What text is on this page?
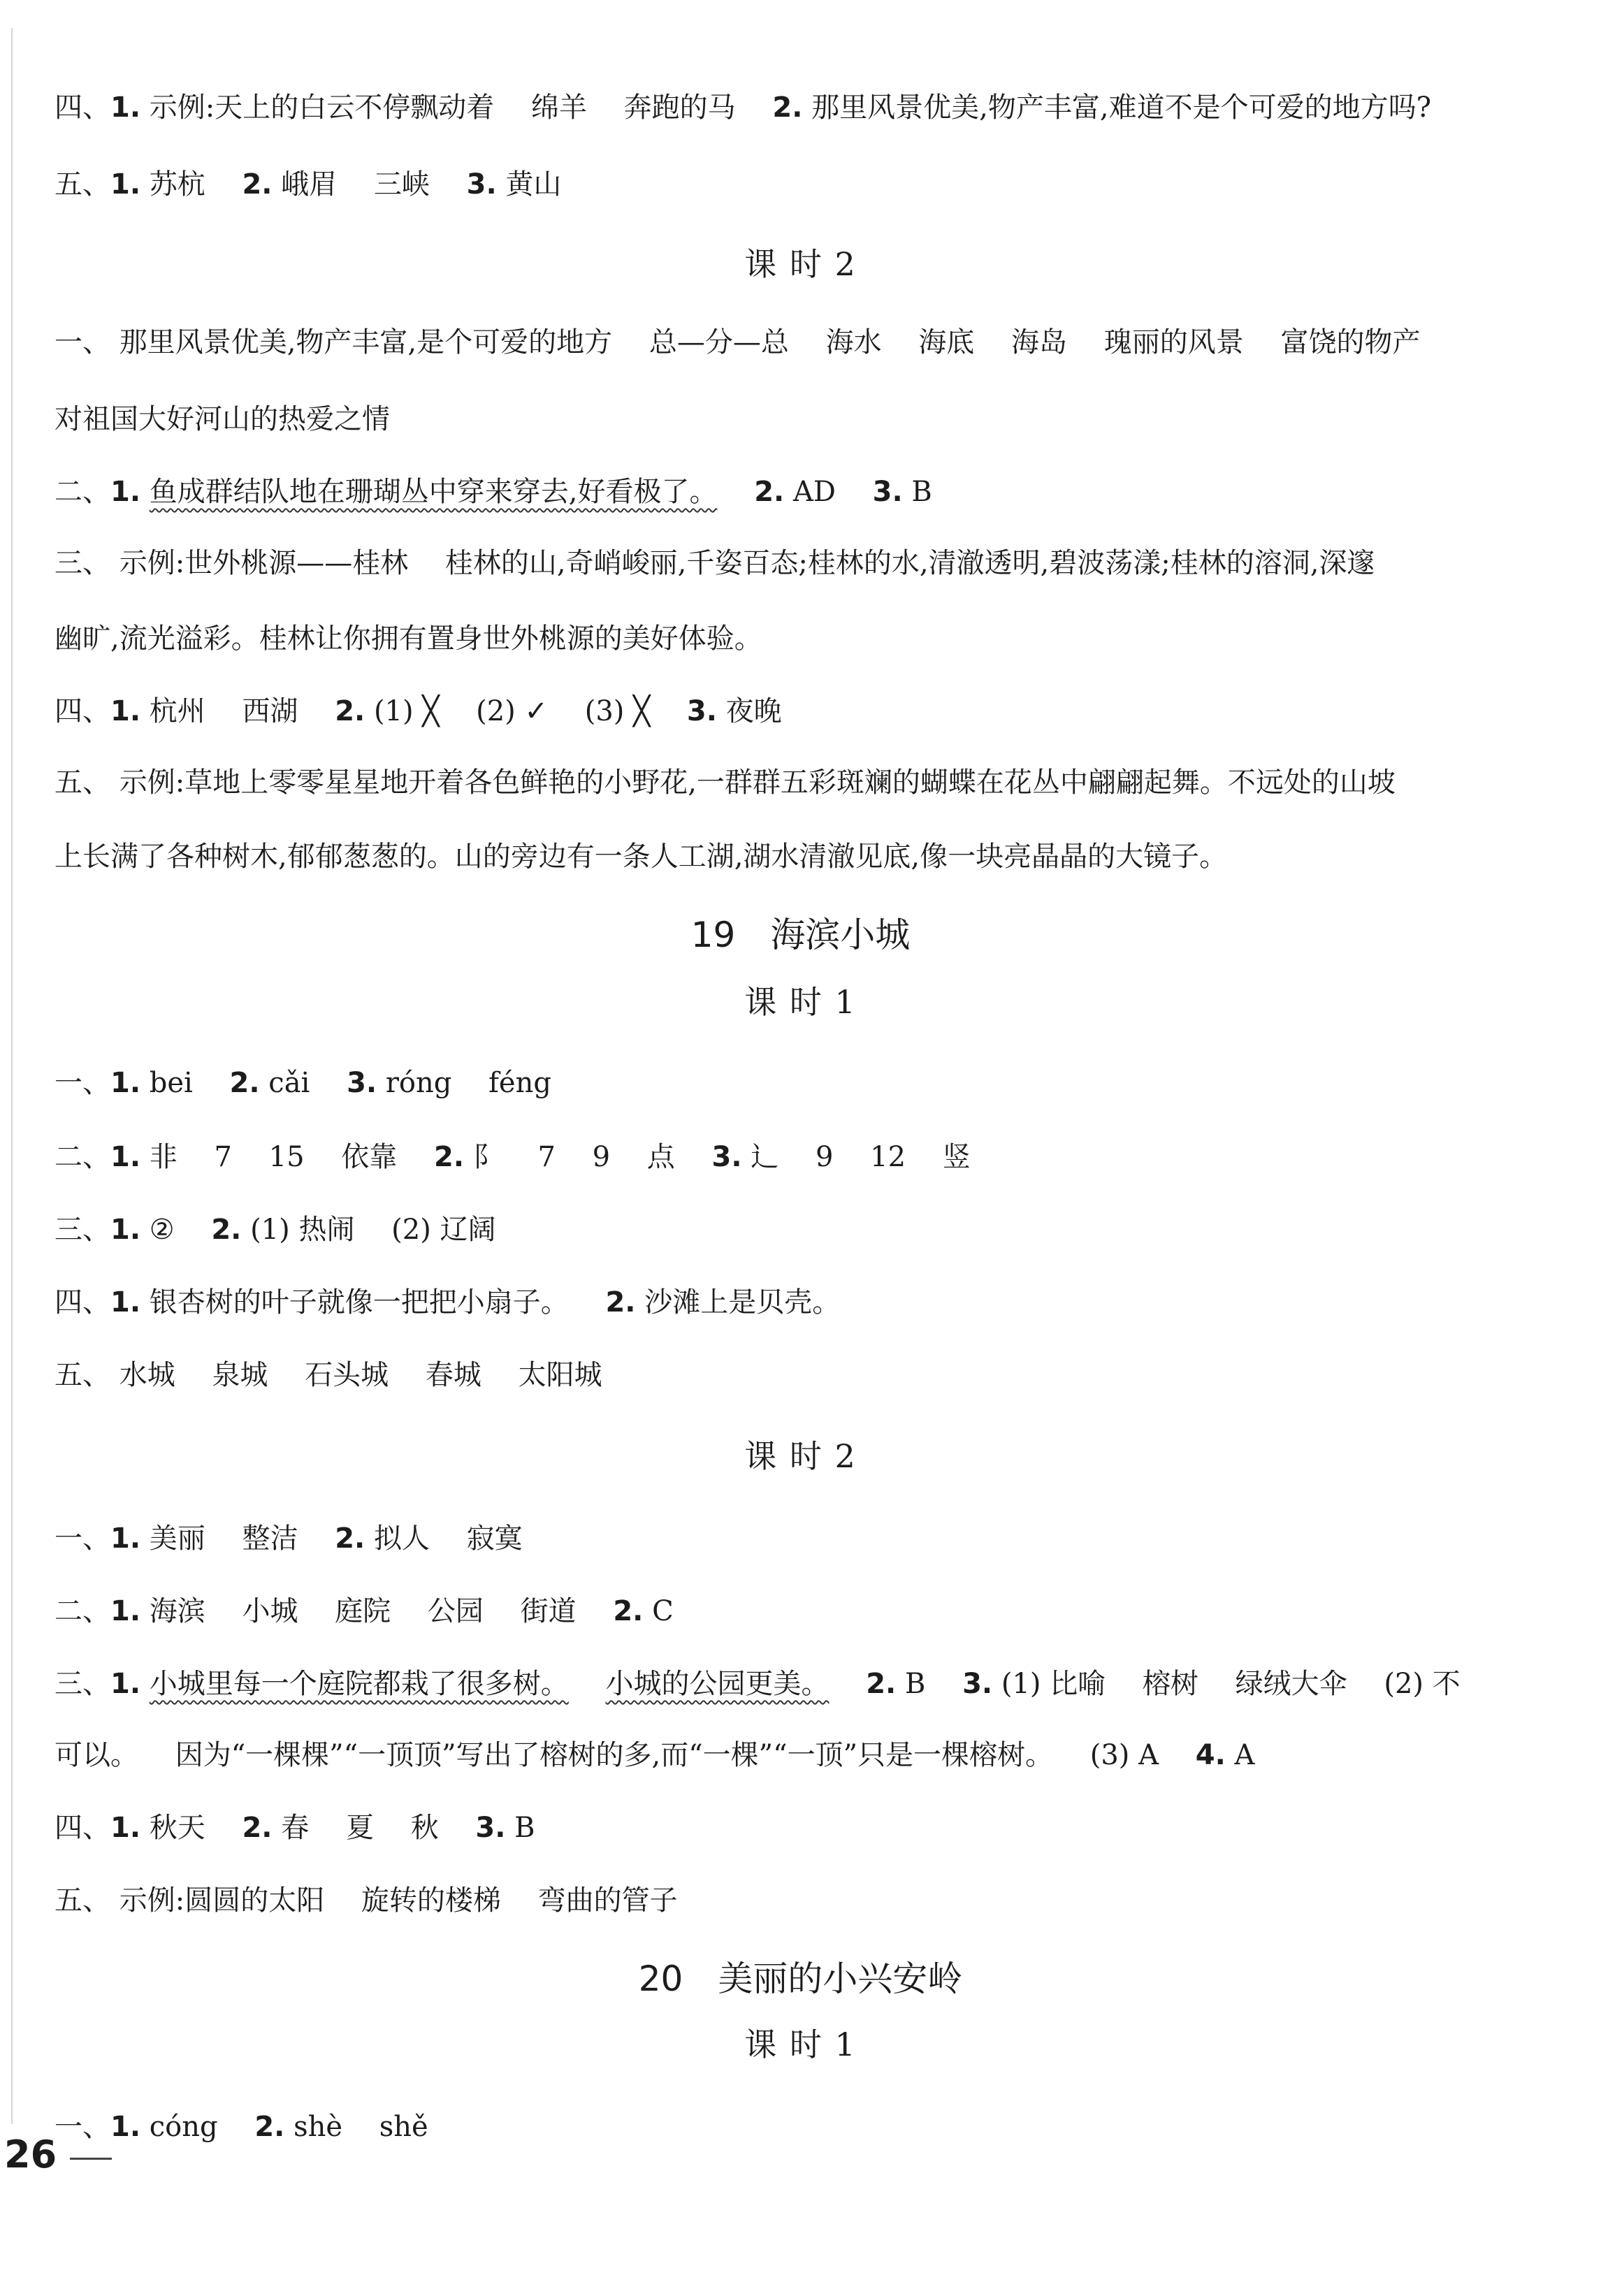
四、1. 示例:天上的白云不停飘动着 绵羊 奔跑的马 2. 那里风景优美,物产丰富,难道不是个可爱的地方吗?
五、1. 苏杭 2. 峨眉 三峡 3. 黄山
课 时 2
一、 那里风景优美,物产丰富,是个可爱的地方 总—分—总 海水 海底 海岛 瑰丽的风景 富饶的物产
对祖国大好河山的热爱之情
二、1. 鱼成群结队地在珊瑚丛中穿来穿去,好看极了。 2. AD 3. B
三、 示例:世外桃源——桂林 桂林的山,奇峭峻丽,千姿百态;桂林的水,清澈透明,碧波荡漾;桂林的溶洞,深邃
幽旷,流光溢彩。桂林让你拥有置身世外桃源的美好体验。
四、1. 杭州 西湖 2. (1) ╳ (2) ✓ (3) ╳ 3. 夜晚
五、 示例:草地上零零星星地开着各色鲜艳的小野花,一群群五彩斑斓的蝴蝶在花丛中翩翩起舞。不远处的山坡
上长满了各种树木,郁郁葱葱的。山的旁边有一条人工湖,湖水清澈见底,像一块亮晶晶的大镜子。
19 海滨小城
课 时 1
一、1. bei 2. cǎi 3. róng féng
二、1. 非 7 15 依靠 2. 阝 7 9 点 3. 辶 9 12 竖
三、1. ② 2. (1) 热闹 (2) 辽阔
四、1. 银杏树的叶子就像一把把小扇子。 2. 沙滩上是贝壳。
五、 水城 泉城 石头城 春城 太阳城
课 时 2
一、1. 美丽 整洁 2. 拟人 寂寞
二、1. 海滨 小城 庭院 公园 街道 2. C
三、1. 小城里每一个庭院都栽了很多树。 小城的公园更美。 2. B 3. (1) 比喻 榕树 绿绒大伞 (2) 不
可以。 因为“一棵棵”“一顶顶”写出了榕树的多,而“一棵”“一顶”只是一棵榕树。 (3) A 4. A
四、1. 秋天 2. 春 夏 秋 3. B
五、 示例:圆圆的太阳 旋转的楼梯 弯曲的管子
20 美丽的小兴安岭
课 时 1
一、1. cóng 2. shè shě
26
